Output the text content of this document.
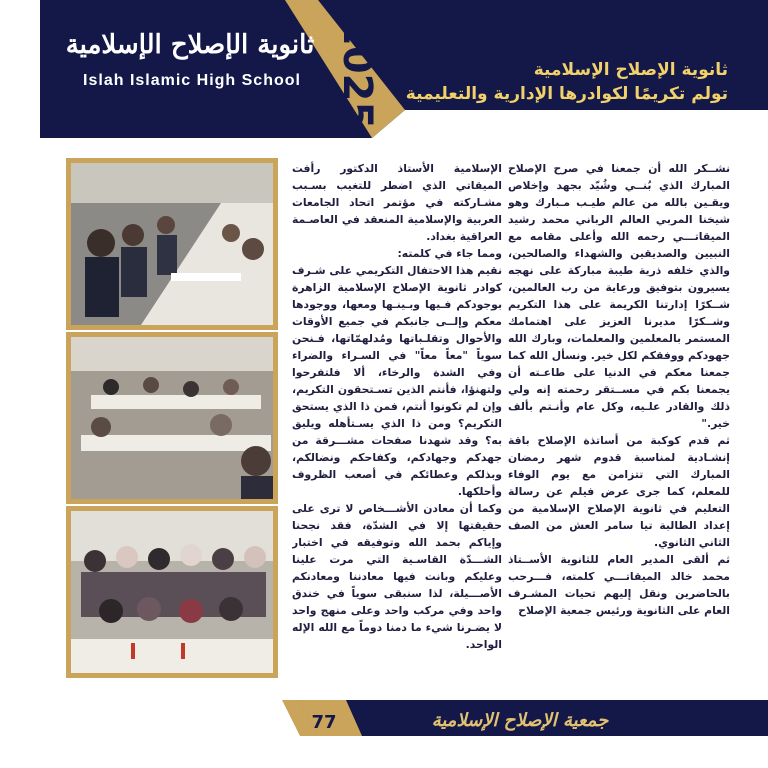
ثانوية الإصلاح الإسلامية
Islah Islamic High School 2025	ثانوية الإصلاح الإسلامية
تولم تكريمًا لكوادرها الإدارية والتعليمية

نشــكر الله أن جمعنا في صرح الإصلاح المبارك الذي بُنــي وشُيّد بجهد وإخلاص ويقـين بالله من عالم طيـب مـبارك وهو شيخنا المربي العالم الرباني محمد رشيد الميقاتـــي رحمه الله وأعلى مقامه مع النبيين والصديقين والشهداء والصالحين، والذي خلفه ذرية طيبة مباركة على نهجه يسيرون بتوفيق ورعاية من رب العالمين، شــكرًا إدارتنا الكريمة على هذا التكريم وشــكرًا مديرنا العزيز على اهتمامك المستمر بالمعلمين والمعلمات، وبارك الله جهودكم ووفقكم لكل خير. ونسأل الله كما جمعنا معكم في الدنيا على طاعـته أن يجمعنا بكم في مســتقر رحمته إنه ولي ذلك والقادر علـيه، وكل عام وأنـتم بألف خير."

ثم قدم كوكبة من أساتذة الإصلاح باقة إنشـادية لمناسبة قدوم شهر رمضان المبارك التي تتزامن مع يوم الوفاء للمعلم، كما جرى عرض فيلم عن رسالة التعليم في ثانوية الإصلاح الإسلامية من إعداد الطالبة تيا سامر العش من الصف الثاني الثانوي.

ثم ألقى المدير العام للثانوية الأســتاذ محمد خالد الميقاتـــي كلمته، فـــرحب بالحاضرين ونقل إليهم تحيات المشـرف العام على الثانوية ورئيس جمعية الإصلاح

الإسلامية الأستاذ الدكتور رأفت الميقاتي الذي اضطر للتغيب بسـبب مشـاركته في مؤتمر اتحاد الجامعات العربية والإسلامية المنعقد في العاصـمة العراقية بغداد.

ومما جاء في كلمته:

نقيم هذا الاحتفال التكريمي على شـرف كوادر ثانوية الإصلاح الإسلامية الزاهرة بوجودكم فـيها وبـينـها ومعها، ووجودها معكم وإلــى جانبكم في جميع الأوقات والأحوال وتقلـباتها ومُدلهمّاتها، فـنحن سوياً "معاً معاً" في السـراء والضراء وفي الشدة والرخاء، ألا فلتفرحوا ولتهنؤا، فأنتم الذين تسـتحقون التكريم، وإن لم تكونوا أنتم، فمن ذا الذي يستحق التكريم؟ ومن ذا الذي يسـتأهله ويليق به؟ وقد شهدنا صفحات مشـــرقة من جهدكم وجهادكم، وكفاحكم ونضالكم، وبذلكم وعطائكم في أصعب الظروف وأحلكها.

وكما أن معادن الأشـــخاص لا ترى على حقيقتها إلا في الشدّة، فقد نجحنا وإياكم بحمد الله وتوفيقه في اختبار الشـــدّة القاسـية التي مرت علينا وعليكم وبانت فيها معادننا ومعادنكم الأصـــيلة، لذا سنبقى سوياً في خندق واحد وفي مركب واحد وعلى منهج واحد لا يضـرنا شيء ما دمنا دوماً مع الله الإله الواحد.

77	جمعية الإصلاح الإسلامية
